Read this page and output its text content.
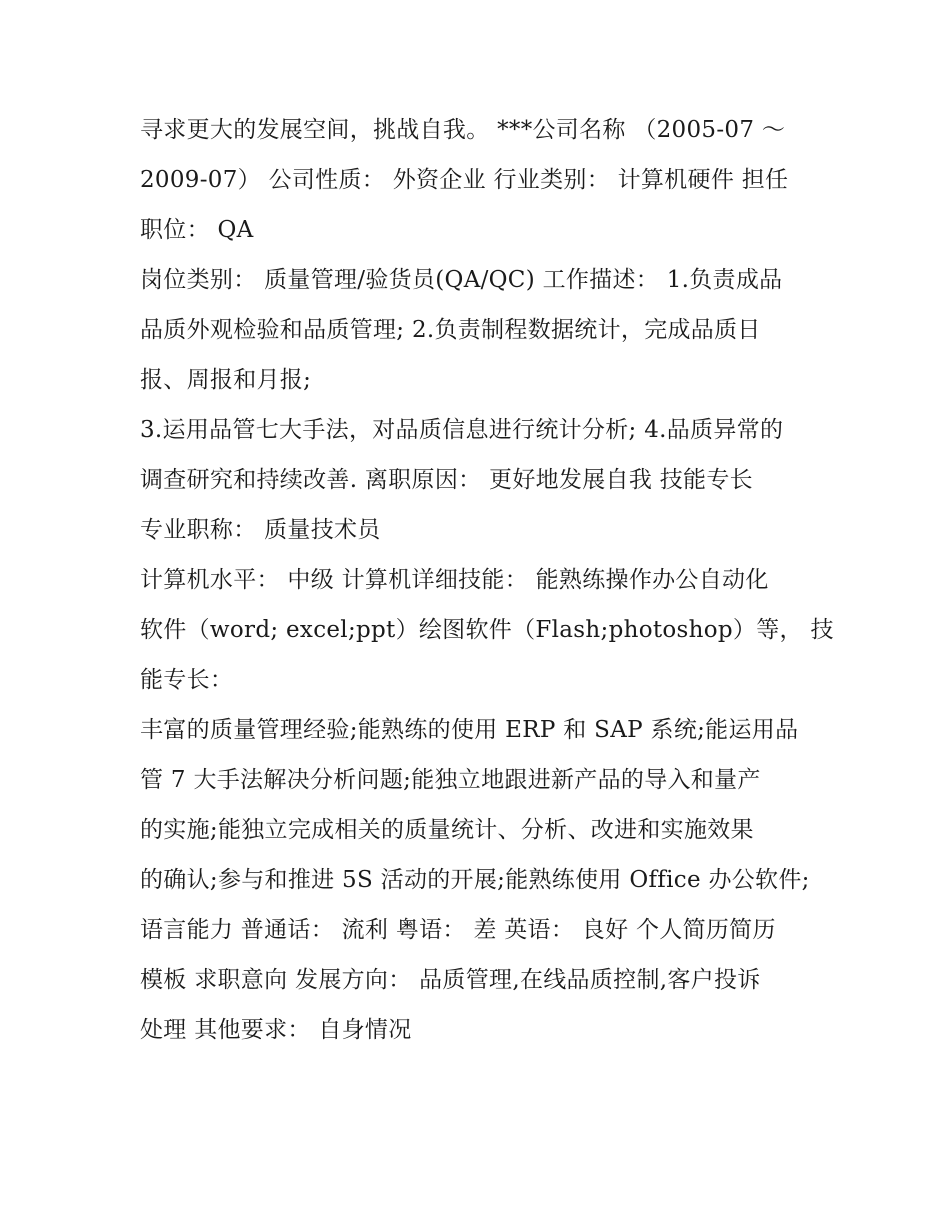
寻求更大的发展空间，挑战自我。 ***公司名称 （2005-07 ～
2009-07） 公司性质： 外资企业 行业类别： 计算机硬件 担任
职位： QA
岗位类别： 质量管理/验货员(QA/QC) 工作描述： 1.负责成品
品质外观检验和品质管理; 2.负责制程数据统计，完成品质日
报、周报和月报;
3.运用品管七大手法，对品质信息进行统计分析; 4.品质异常的
调查研究和持续改善. 离职原因： 更好地发展自我 技能专长
专业职称： 质量技术员
计算机水平： 中级 计算机详细技能： 能熟练操作办公自动化
软件（word; excel;ppt）绘图软件（Flash;photoshop）等， 技
能专长：
丰富的质量管理经验;能熟练的使用 ERP 和 SAP 系统;能运用品
管 7 大手法解决分析问题;能独立地跟进新产品的导入和量产
的实施;能独立完成相关的质量统计、分析、改进和实施效果
的确认;参与和推进 5S 活动的开展;能熟练使用 Office 办公软件;
语言能力 普通话： 流利 粤语： 差 英语： 良好 个人简历简历
模板 求职意向 发展方向： 品质管理,在线品质控制,客户投诉
处理 其他要求： 自身情况
